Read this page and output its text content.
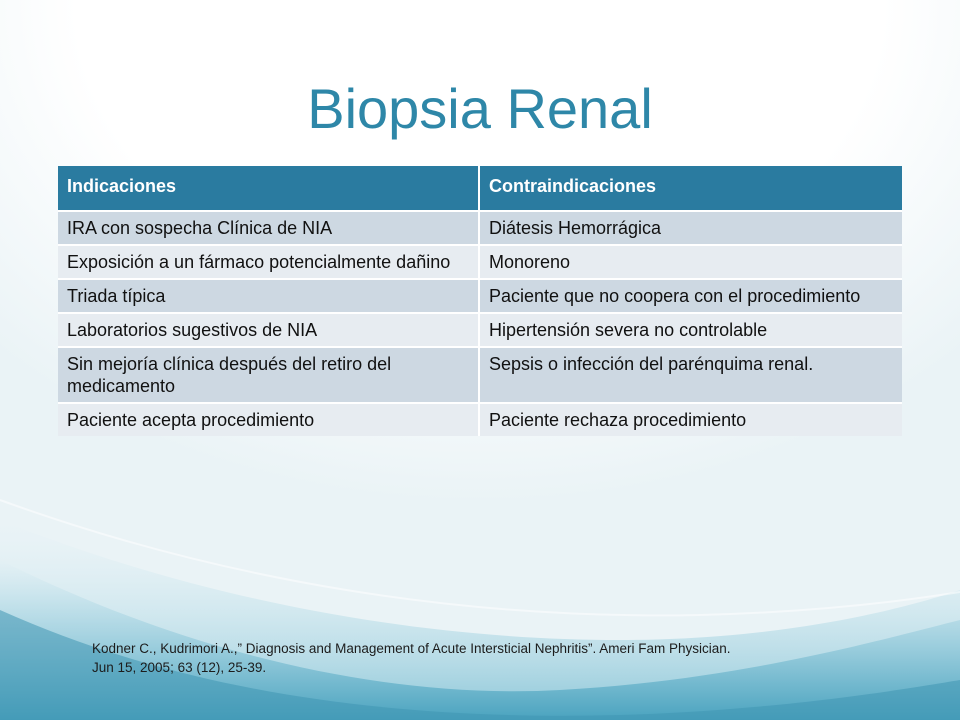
Biopsia Renal
Indicaciones	Contraindicaciones
IRA con sospecha Clínica de NIA	Diátesis Hemorrágica
Exposición a un fármaco potencialmente dañino	Monoreno
Triada típica	Paciente que no coopera con el procedimiento
Laboratorios sugestivos de NIA	Hipertensión severa no controlable
Sin mejoría clínica después del retiro del medicamento	Sepsis o infección del parénquima renal.
Paciente acepta procedimiento	Paciente rechaza procedimiento
Kodner C., Kudrimori A.,” Diagnosis and Management of Acute Intersticial Nephritis”. Ameri Fam Physician.
Jun 15, 2005; 63 (12), 25-39.
